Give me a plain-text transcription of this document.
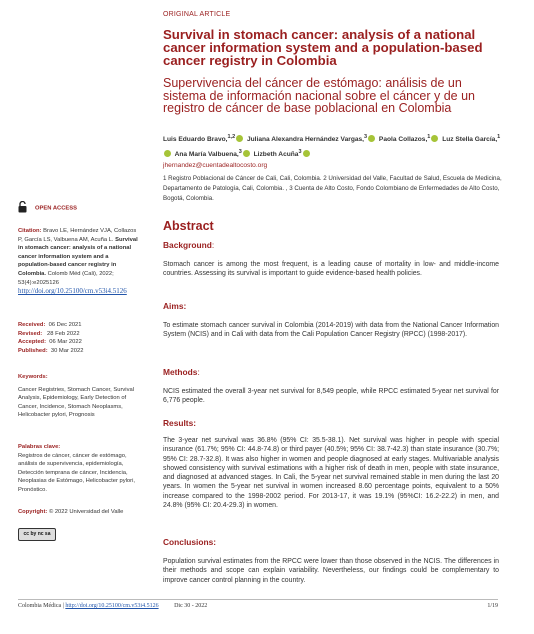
ORIGINAL ARTICLE
Survival in stomach cancer: analysis of a national cancer information system and a population-based cancer registry in Colombia
Supervivencia del cáncer de estómago: análisis de un sistema de información nacional sobre el cáncer y de un registro de cáncer de base poblacional en Colombia
Luis Eduardo Bravo,$^{1,2}$ Juliana Alexandra Hernández Vargas,$^3$ Paola Collazos,$^1$ Luz Stella García,$^1$ Ana María Valbuena,$^3$ Lizbeth Acuña$^3$
jhernandez@cuentadealtocosto.org
1 Registro Poblacional de Cáncer de Cali, Cali, Colombia. 2 Universidad del Valle, Facultad de Salud, Escuela de Medicina, Departamento de Patología, Cali, Colombia. , 3 Cuenta de Alto Costo, Fondo Colombiano de Enfermedades de Alto Costo, Bogotá, Colombia.
Abstract
Background:
Stomach cancer is among the most frequent, is a leading cause of mortality in low- and middle-income countries. Assessing its survival is important to guide evidence-based health policies.
Aims:
To estimate stomach cancer survival in Colombia (2014-2019) with data from the National Cancer Information System (NCIS) and in Cali with data from the Cali Population Cancer Registry (RPCC) (1998-2017).
Methods:
NCIS estimated the overall 3-year net survival for 8,549 people, while RPCC estimated 5-year net survival for 6,776 people.
Results:
The 3-year net survival was 36.8% (95% CI: 35.5-38.1). Net survival was higher in people with special insurance (61.7%; 95% CI: 44.8-74.8) or third payer (40.5%; 95% CI: 38.7-42.3) than state insurance (30.7%; 95% CI: 28.7-32.8). It was also higher in women and people diagnosed at early stages. Multivariable analysis showed consistency with survival estimations with a higher risk of death in men, people with state insurance, and diagnosed at advanced stages. In Cali, the 5-year net survival remained stable in men during the last 20 years. In women the 5-year net survival in women increased 8.60 percentage points, equivalent to a 50% increase compared to the 1998-2002 period. For 2013-17, it was 19.1% (95%CI: 16.2-22.2) in men, and 24.8% (95% CI: 20.4-29.3) in women.
Conclusions:
Population survival estimates from the RPCC were lower than those observed in the NCIS. The differences in their methods and scope can explain variability. Nevertheless, our findings could be complementary to improve cancer control planning in the country.
OPEN ACCESS
Citation: Bravo LE, Hernández VJA, Collazos P, García LS, Valbuena AM, Acuña L. Survival in stomach cancer: analysis of a national cancer information system and a population-based cancer registry in Colombia. Colomb Méd (Cali), 2022; 53(4):e2025126 http://doi.org/10.25100/cm.v53i4.5126
Received: 06 Dec 2021
Revised: 28 Feb 2022
Accepted: 06 Mar 2022
Published: 30 Mar 2022
Keywords:
Cancer Registries, Stomach Cancer, Survival Analysis, Epidemiology, Early Detection of Cancer, Incidence, Stomach Neoplasms, Helicobacter pylori, Prognosis
Palabras clave:
Registros de cáncer, cáncer de estómago, análisis de supervivencia, epidemiología, Detección temprana de cáncer, Incidencia, Neoplasias de Estómago, Helicobacter pylori, Pronóstico.
Copyright: © 2022 Universidad del Valle
cc by nc sa
Colombia Médica | http://doi.org/10.25100/cm.v53i4.5126	Dic 30 - 2022	1/19
